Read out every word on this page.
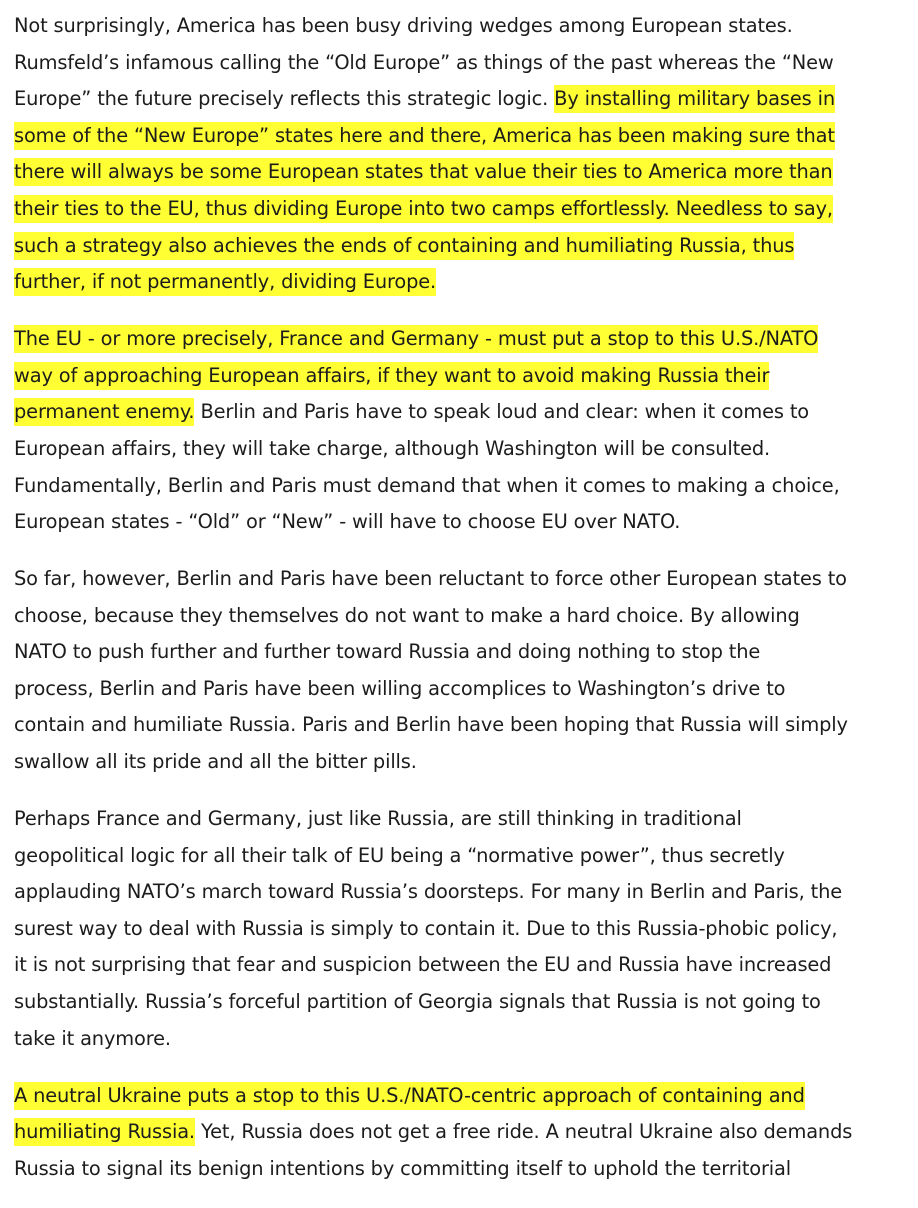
Not surprisingly, America has been busy driving wedges among European states.
Rumsfeld’s infamous calling the “Old Europe” as things of the past whereas the “New
Europe” the future precisely reflects this strategic logic. By installing military bases in
some of the “New Europe” states here and there, America has been making sure that
there will always be some European states that value their ties to America more than
their ties to the EU, thus dividing Europe into two camps effortlessly. Needless to say,
such a strategy also achieves the ends of containing and humiliating Russia, thus
further, if not permanently, dividing Europe.

The EU - or more precisely, France and Germany - must put a stop to this U.S./NATO
way of approaching European affairs, if they want to avoid making Russia their
permanent enemy. Berlin and Paris have to speak loud and clear: when it comes to
European affairs, they will take charge, although Washington will be consulted.
Fundamentally, Berlin and Paris must demand that when it comes to making a choice,
European states - “Old” or “New” - will have to choose EU over NATO.

So far, however, Berlin and Paris have been reluctant to force other European states to
choose, because they themselves do not want to make a hard choice. By allowing
NATO to push further and further toward Russia and doing nothing to stop the
process, Berlin and Paris have been willing accomplices to Washington’s drive to
contain and humiliate Russia. Paris and Berlin have been hoping that Russia will simply
swallow all its pride and all the bitter pills.

Perhaps France and Germany, just like Russia, are still thinking in traditional
geopolitical logic for all their talk of EU being a “normative power”, thus secretly
applauding NATO’s march toward Russia’s doorsteps. For many in Berlin and Paris, the
surest way to deal with Russia is simply to contain it. Due to this Russia-phobic policy,
it is not surprising that fear and suspicion between the EU and Russia have increased
substantially. Russia’s forceful partition of Georgia signals that Russia is not going to
take it anymore.

A neutral Ukraine puts a stop to this U.S./NATO-centric approach of containing and
humiliating Russia. Yet, Russia does not get a free ride. A neutral Ukraine also demands
Russia to signal its benign intentions by committing itself to uphold the territorial
